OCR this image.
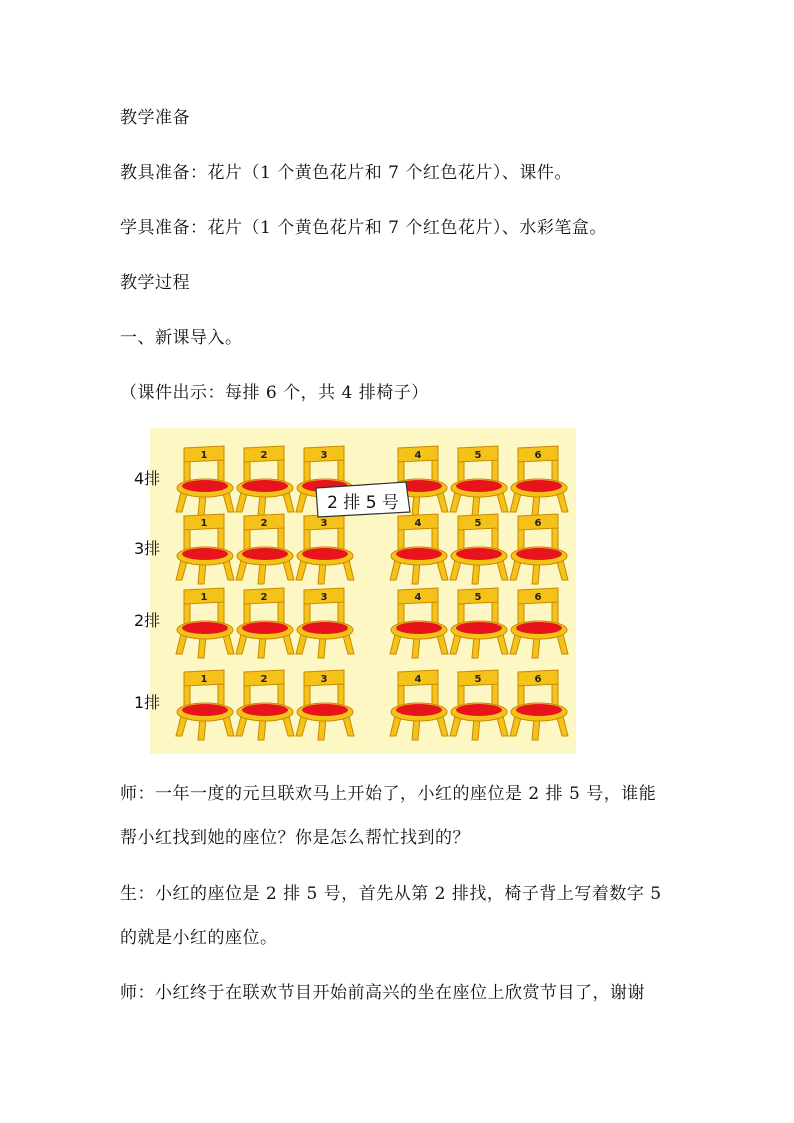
教学准备
教具准备：花片（1 个黄色花片和 7 个红色花片）、课件。
学具准备：花片（1 个黄色花片和 7 个红色花片）、水彩笔盒。
教学过程
一、新课导入。
（课件出示：每排 6 个，共 4 排椅子）
1	2	3	4	5	6
1	2	3	4	5	6
1	2	3	4	5	6
1	2	3	4	5	6
4排
3排
2排
1排
2 排 5 号
师：一年一度的元旦联欢马上开始了，小红的座位是 2 排 5 号，谁能
帮小红找到她的座位？你是怎么帮忙找到的？
生：小红的座位是 2 排 5 号，首先从第 2 排找，椅子背上写着数字 5
的就是小红的座位。
师：小红终于在联欢节目开始前高兴的坐在座位上欣赏节目了，谢谢
